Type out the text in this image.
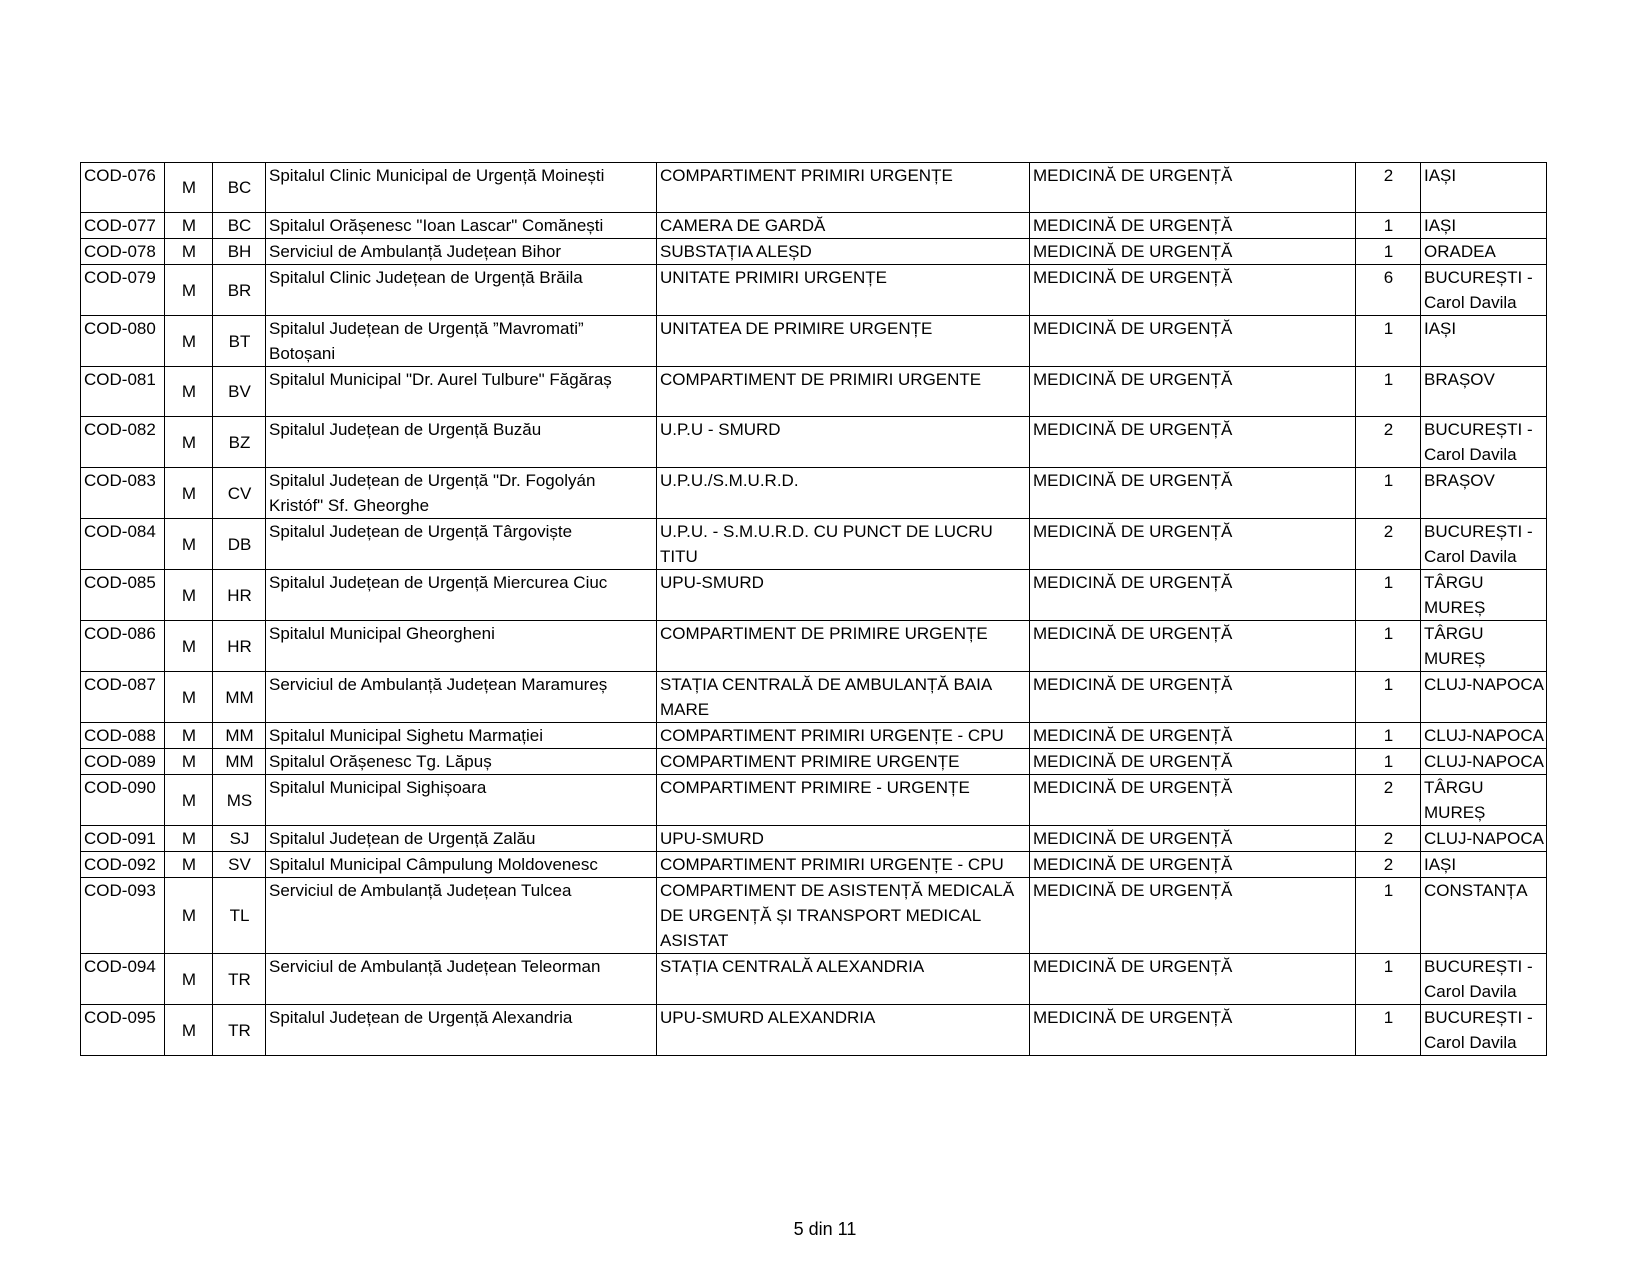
COD-076	M	BC	Spitalul Clinic Municipal de Urgență Moinești	COMPARTIMENT PRIMIRI URGENȚE	MEDICINĂ DE URGENȚĂ	2	IAȘI
COD-077	M	BC	Spitalul Orășenesc "Ioan Lascar" Comănești	CAMERA DE GARDĂ	MEDICINĂ DE URGENȚĂ	1	IAȘI
COD-078	M	BH	Serviciul de Ambulanță Județean Bihor	SUBSTAȚIA ALEȘD	MEDICINĂ DE URGENȚĂ	1	ORADEA
COD-079	M	BR	Spitalul Clinic Județean de Urgență Brăila	UNITATE PRIMIRI URGENȚE	MEDICINĂ DE URGENȚĂ	6	BUCUREȘTI - Carol Davila
COD-080	M	BT	Spitalul Județean de Urgență ”Mavromati” Botoșani	UNITATEA DE PRIMIRE URGENȚE	MEDICINĂ DE URGENȚĂ	1	IAȘI
COD-081	M	BV	Spitalul Municipal "Dr. Aurel Tulbure" Făgăraș	COMPARTIMENT DE PRIMIRI URGENTE	MEDICINĂ DE URGENȚĂ	1	BRAȘOV
COD-082	M	BZ	Spitalul Județean de Urgență Buzău	U.P.U - SMURD	MEDICINĂ DE URGENȚĂ	2	BUCUREȘTI - Carol Davila
COD-083	M	CV	Spitalul Județean de Urgență "Dr. Fogolyán Kristóf" Sf. Gheorghe	U.P.U./S.M.U.R.D.	MEDICINĂ DE URGENȚĂ	1	BRAȘOV
COD-084	M	DB	Spitalul Județean de Urgență Târgoviște	U.P.U. - S.M.U.R.D. CU PUNCT DE LUCRU TITU	MEDICINĂ DE URGENȚĂ	2	BUCUREȘTI - Carol Davila
COD-085	M	HR	Spitalul Județean de Urgență Miercurea Ciuc	UPU-SMURD	MEDICINĂ DE URGENȚĂ	1	TÂRGU MUREȘ
COD-086	M	HR	Spitalul Municipal Gheorgheni	COMPARTIMENT DE PRIMIRE URGENȚE	MEDICINĂ DE URGENȚĂ	1	TÂRGU MUREȘ
COD-087	M	MM	Serviciul de Ambulanță Județean Maramureș	STAȚIA CENTRALĂ DE AMBULANȚĂ BAIA MARE	MEDICINĂ DE URGENȚĂ	1	CLUJ-NAPOCA
COD-088	M	MM	Spitalul Municipal Sighetu Marmației	COMPARTIMENT PRIMIRI URGENȚE - CPU	MEDICINĂ DE URGENȚĂ	1	CLUJ-NAPOCA
COD-089	M	MM	Spitalul Orășenesc Tg. Lăpuș	COMPARTIMENT PRIMIRE URGENȚE	MEDICINĂ DE URGENȚĂ	1	CLUJ-NAPOCA
COD-090	M	MS	Spitalul Municipal Sighișoara	COMPARTIMENT PRIMIRE - URGENȚE	MEDICINĂ DE URGENȚĂ	2	TÂRGU MUREȘ
COD-091	M	SJ	Spitalul Județean de Urgență Zalău	UPU-SMURD	MEDICINĂ DE URGENȚĂ	2	CLUJ-NAPOCA
COD-092	M	SV	Spitalul Municipal Câmpulung Moldovenesc	COMPARTIMENT PRIMIRI URGENȚE - CPU	MEDICINĂ DE URGENȚĂ	2	IAȘI
COD-093	M	TL	Serviciul de Ambulanță Județean Tulcea	COMPARTIMENT DE ASISTENȚĂ MEDICALĂ DE URGENȚĂ ȘI TRANSPORT MEDICAL ASISTAT	MEDICINĂ DE URGENȚĂ	1	CONSTANȚA
COD-094	M	TR	Serviciul de Ambulanță Județean Teleorman	STAȚIA CENTRALĂ ALEXANDRIA	MEDICINĂ DE URGENȚĂ	1	BUCUREȘTI - Carol Davila
COD-095	M	TR	Spitalul Județean de Urgență Alexandria	UPU-SMURD ALEXANDRIA	MEDICINĂ DE URGENȚĂ	1	BUCUREȘTI - Carol Davila
5 din 11
